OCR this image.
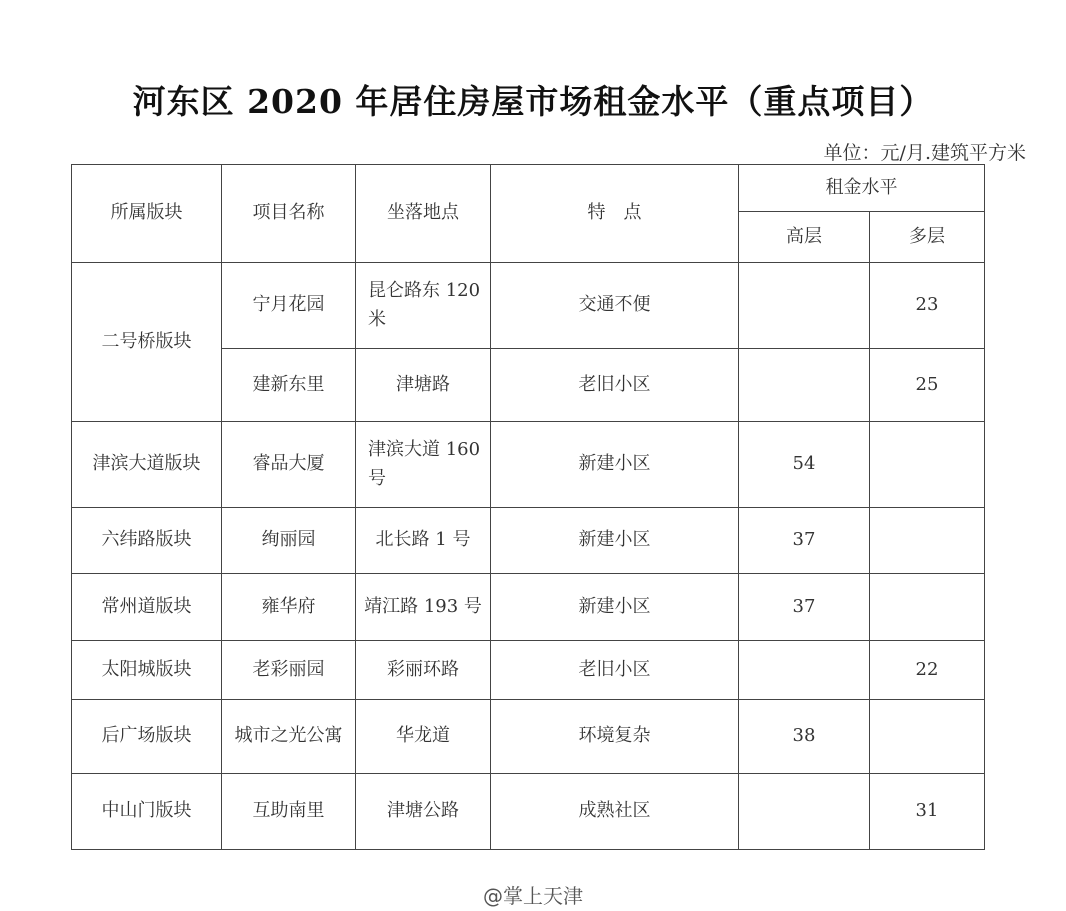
河东区 2020 年居住房屋市场租金水平（重点项目）
单位：元/月.建筑平方米
所属版块	项目名称	坐落地点	特　点	租金水平	
				高层	多层
二号桥版块	宁月花园	昆仑路东 120 米	交通不便		23
	建新东里	津塘路	老旧小区		25
津滨大道版块	睿品大厦	津滨大道 160 号	新建小区	54	
六纬路版块	绚丽园	北长路 1 号	新建小区	37	
常州道版块	雍华府	靖江路 193 号	新建小区	37	
太阳城版块	老彩丽园	彩丽环路	老旧小区		22
后广场版块	城市之光公寓	华龙道	环境复杂	38	
中山门版块	互助南里	津塘公路	成熟社区		31
@掌上天津
